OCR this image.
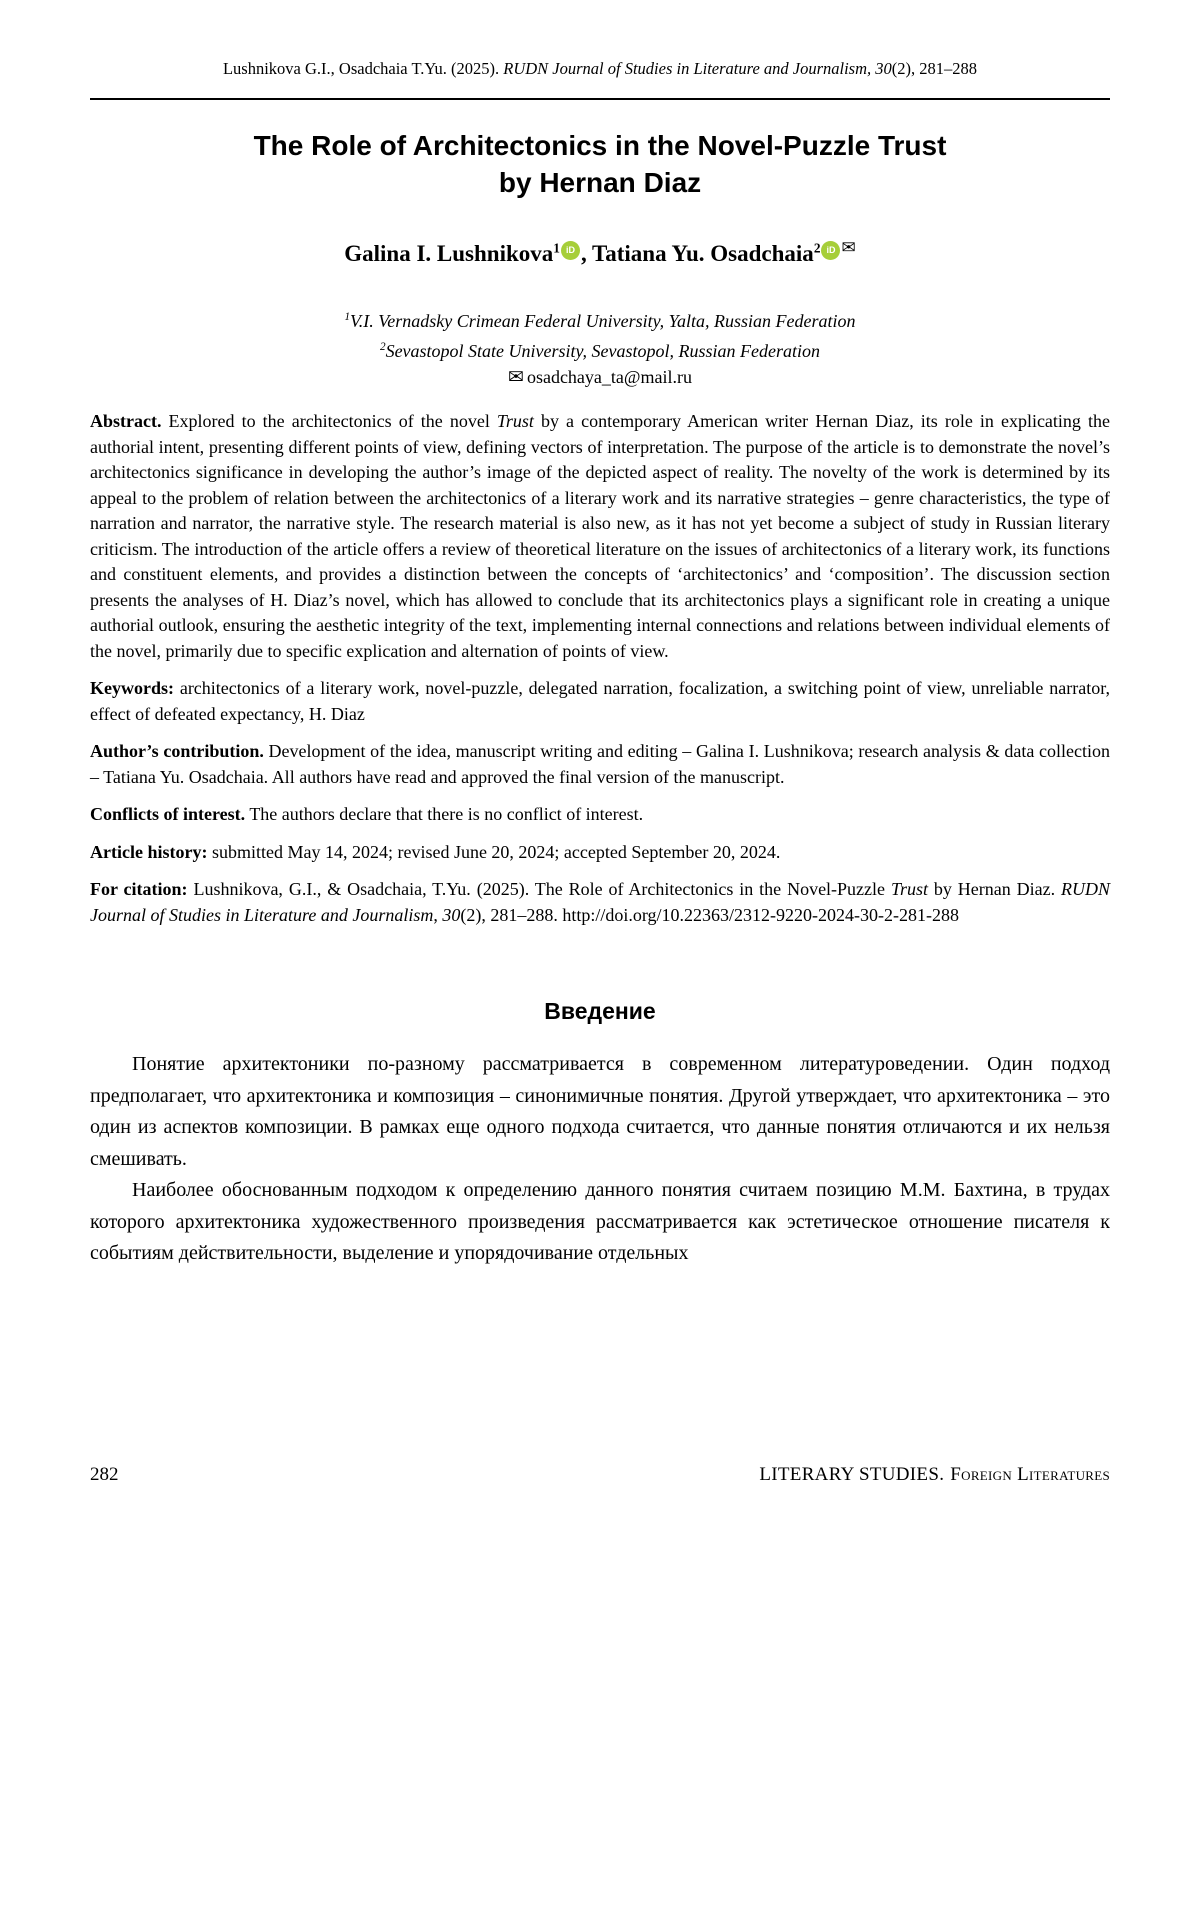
Lushnikova G.I., Osadchaia T.Yu. (2025). RUDN Journal of Studies in Literature and Journalism, 30(2), 281–288
The Role of Architectonics in the Novel-Puzzle Trust
by Hernan Diaz
Galina I. Lushnikova$^1$ iD , Tatiana Yu. Osadchaia$^2$ iD ✉
$^1$V.I. Vernadsky Crimean Federal University, Yalta, Russian Federation
$^2$Sevastopol State University, Sevastopol, Russian Federation
✉ osadchaya_ta@mail.ru

Abstract. Explored to the architectonics of the novel Trust by a contemporary American writer Hernan Diaz, its role in explicating the authorial intent, presenting different points of view, defining vectors of interpretation. The purpose of the article is to demonstrate the novel’s architectonics significance in developing the author’s image of the depicted aspect of reality. The novelty of the work is determined by its appeal to the problem of relation between the architectonics of a literary work and its narrative strategies – genre characteristics, the type of narration and narrator, the narrative style. The research material is also new, as it has not yet become a subject of study in Russian literary criticism. The introduction of the article offers a review of theoretical literature on the issues of architectonics of a literary work, its functions and constituent elements, and provides a distinction between the concepts of ‘architectonics’ and ‘composition’. The discussion section presents the analyses of H. Diaz’s novel, which has allowed to conclude that its architectonics plays a significant role in creating a unique authorial outlook, ensuring the aesthetic integrity of the text, implementing internal connections and relations between individual elements of the novel, primarily due to specific explication and alternation of points of view.

Keywords: architectonics of a literary work, novel-puzzle, delegated narration, focalization, a switching point of view, unreliable narrator, effect of defeated expectancy, H. Diaz

Author’s contribution. Development of the idea, manuscript writing and editing – Galina I. Lushnikova; research analysis & data collection – Tatiana Yu. Osadchaia. All authors have read and approved the final version of the manuscript.

Conflicts of interest. The authors declare that there is no conflict of interest.

Article history: submitted May 14, 2024; revised June 20, 2024; accepted September 20, 2024.

For citation: Lushnikova, G.I., & Osadchaia, T.Yu. (2025). The Role of Architectonics in the Novel-Puzzle Trust by Hernan Diaz. RUDN Journal of Studies in Literature and Journalism, 30(2), 281–288. http://doi.org/10.22363/2312-9220-2024-30-2-281-288

Введение

Понятие архитектоники по-разному рассматривается в современном литературоведении. Один подход предполагает, что архитектоника и композиция – синонимичные понятия. Другой утверждает, что архитектоника – это один из аспектов композиции. В рамках еще одного подхода считается, что данные понятия отличаются и их нельзя смешивать.

Наиболее обоснованным подходом к определению данного понятия считаем позицию М.М. Бахтина, в трудах которого архитектоника художественного произведения рассматривается как эстетическое отношение писателя к событиям действительности, выделение и упорядочивание отдельных

282	LITERARY STUDIES. Foreign Literatures
